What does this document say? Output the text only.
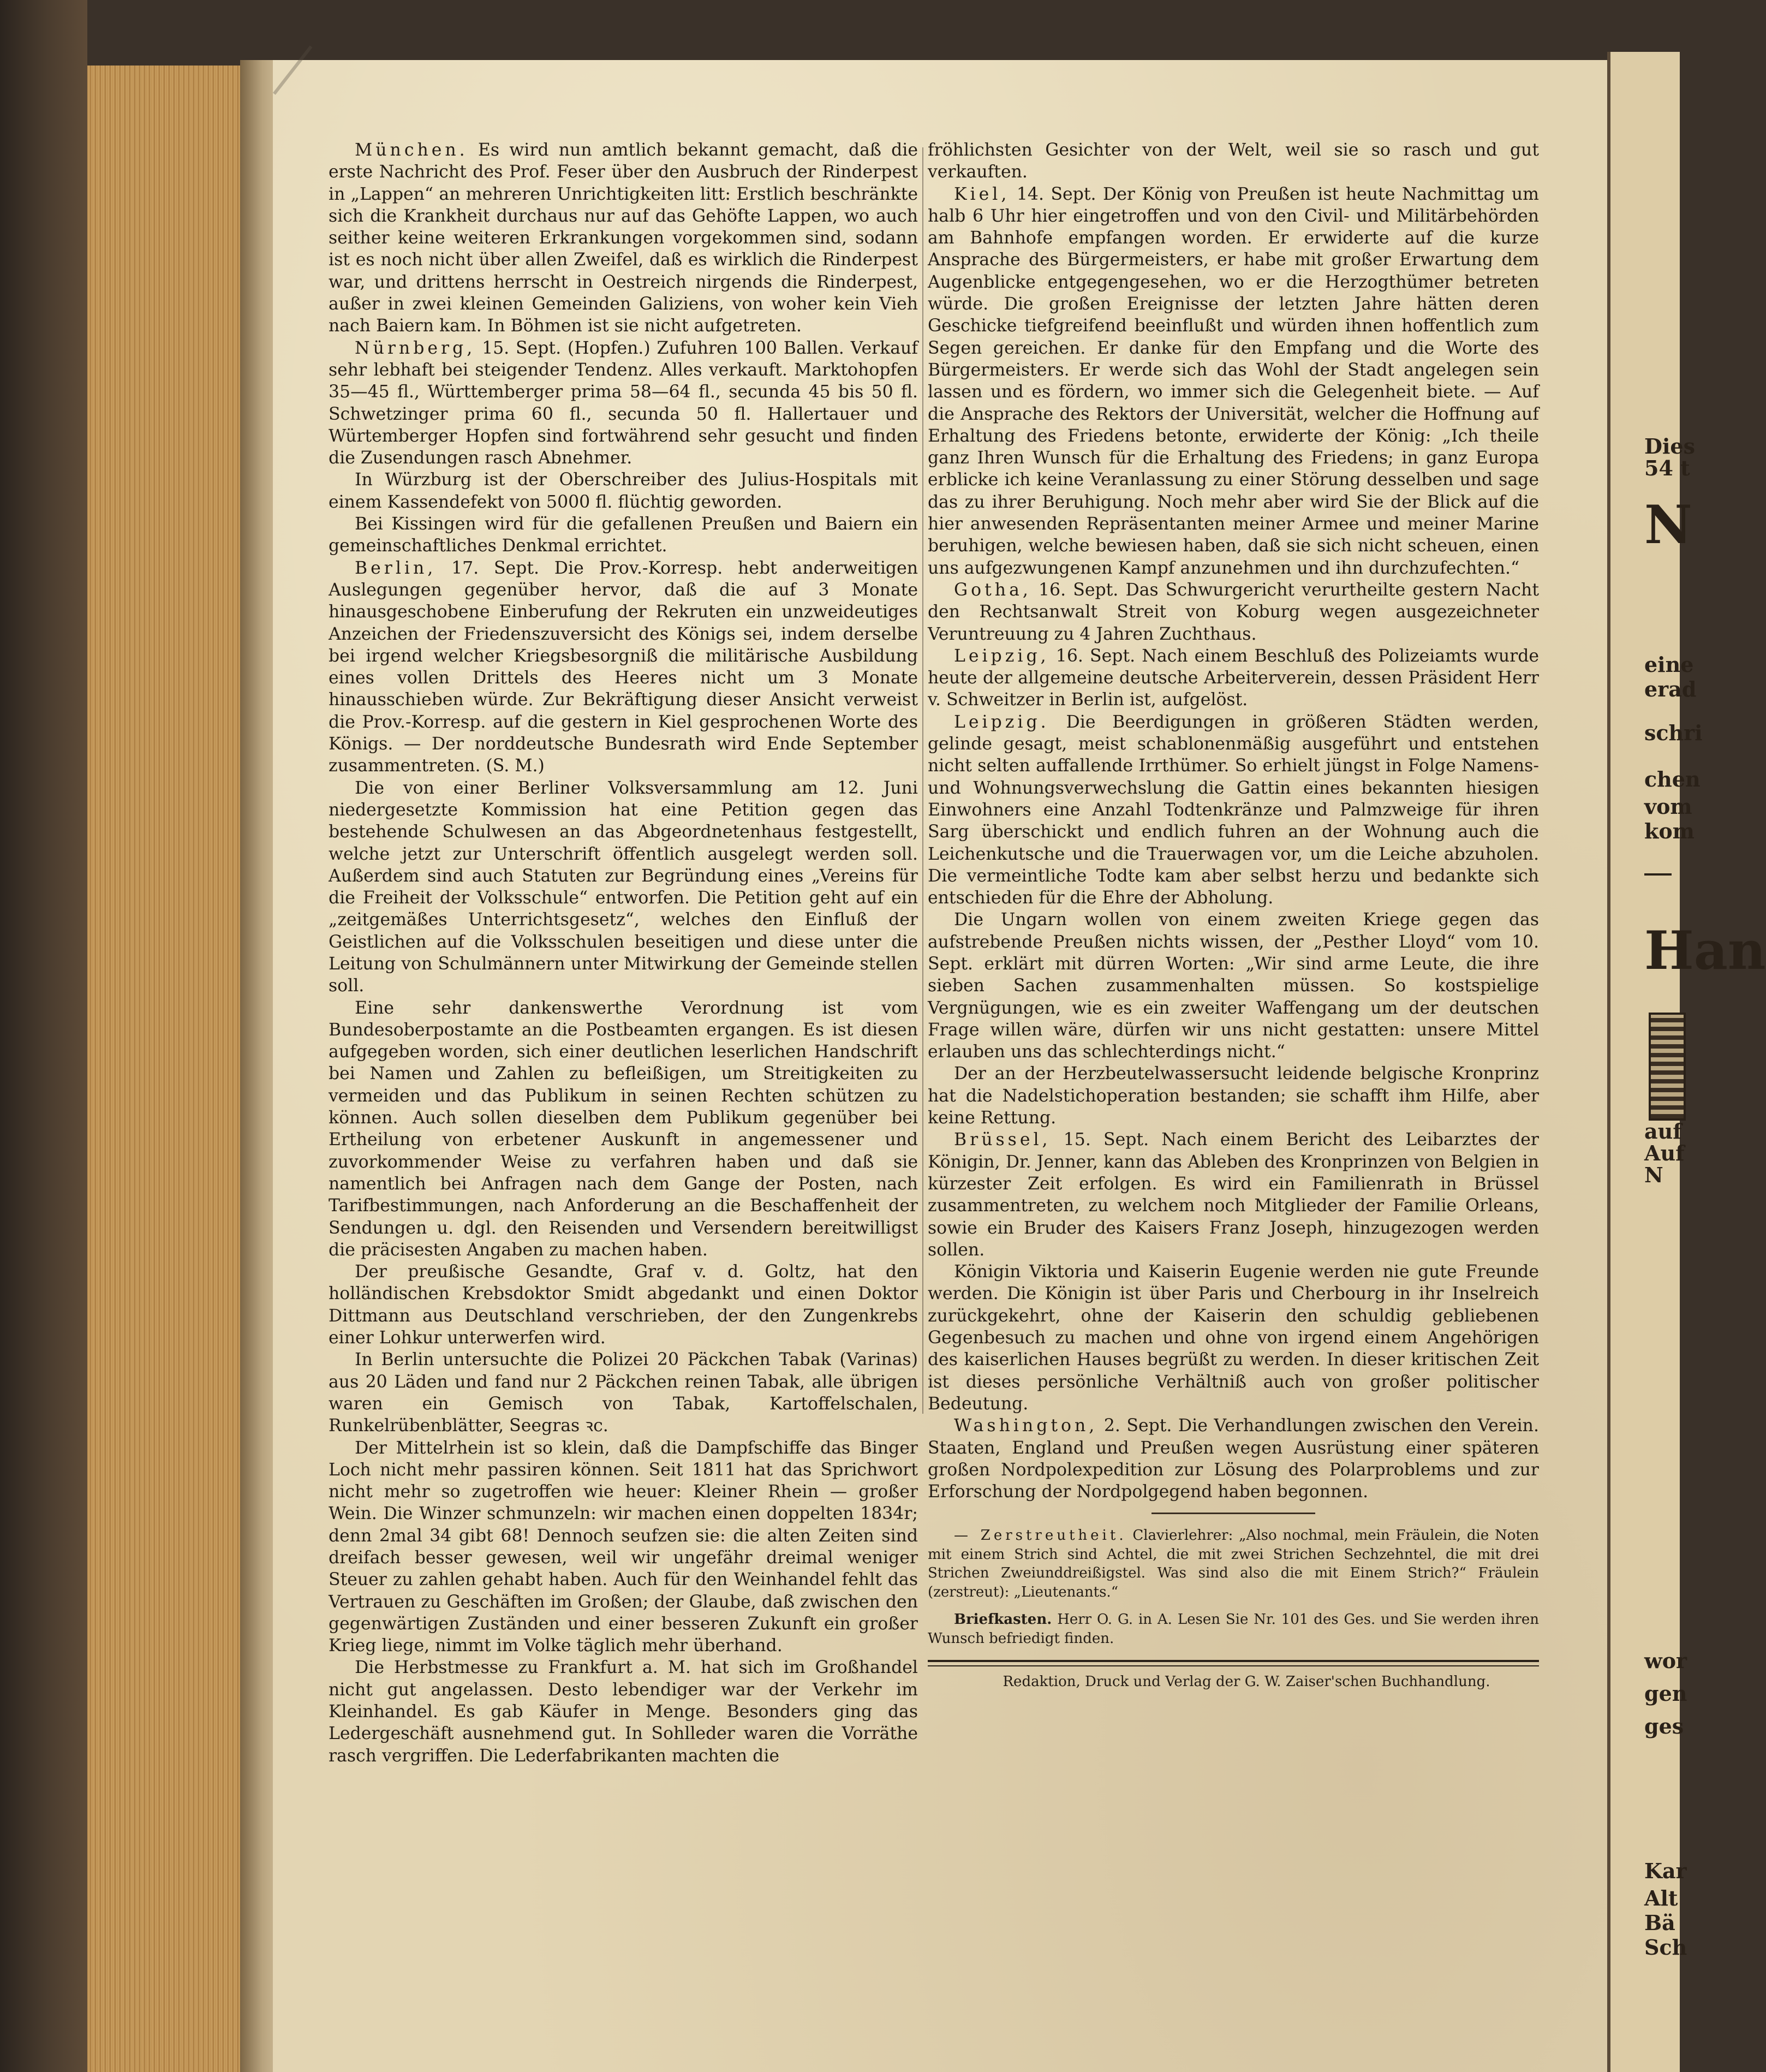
München. Es wird nun amtlich bekannt gemacht, daß die erste Nachricht des Prof. Feser über den Ausbruch der Rinderpest in „Lappen“ an mehreren Unrichtigkeiten litt: Erstlich beschränkte sich die Krankheit durchaus nur auf das Gehöfte Lappen, wo auch seither keine weiteren Erkrankungen vorgekommen sind, sodann ist es noch nicht über allen Zweifel, daß es wirklich die Rinderpest war, und drittens herrscht in Oestreich nirgends die Rinderpest, außer in zwei kleinen Gemeinden Galiziens, von woher kein Vieh nach Baiern kam. In Böhmen ist sie nicht aufgetreten.

Nürnberg, 15. Sept. (Hopfen.) Zufuhren 100 Ballen. Verkauf sehr lebhaft bei steigender Tendenz. Alles verkauft. Marktohopfen 35—45 fl., Württemberger prima 58—64 fl., secunda 45 bis 50 fl. Schwetzinger prima 60 fl., secunda 50 fl. Hallertauer und Würtemberger Hopfen sind fortwährend sehr gesucht und finden die Zusendungen rasch Abnehmer.

In Würzburg ist der Oberschreiber des Julius-Hospitals mit einem Kassendefekt von 5000 fl. flüchtig geworden.

Bei Kissingen wird für die gefallenen Preußen und Baiern ein gemeinschaftliches Denkmal errichtet.

Berlin, 17. Sept. Die Prov.-Korresp. hebt anderweitigen Auslegungen gegenüber hervor, daß die auf 3 Monate hinausgeschobene Einberufung der Rekruten ein unzweideutiges Anzeichen der Friedenszuversicht des Königs sei, indem derselbe bei irgend welcher Kriegsbesorgniß die militärische Ausbildung eines vollen Drittels des Heeres nicht um 3 Monate hinausschieben würde. Zur Bekräftigung dieser Ansicht verweist die Prov.-Korresp. auf die gestern in Kiel gesprochenen Worte des Königs. — Der norddeutsche Bundesrath wird Ende September zusammentreten. (S. M.)

Die von einer Berliner Volksversammlung am 12. Juni niedergesetzte Kommission hat eine Petition gegen das bestehende Schulwesen an das Abgeordnetenhaus festgestellt, welche jetzt zur Unterschrift öffentlich ausgelegt werden soll. Außerdem sind auch Statuten zur Begründung eines „Vereins für die Freiheit der Volksschule“ entworfen. Die Petition geht auf ein „zeitgemäßes Unterrichtsgesetz“, welches den Einfluß der Geistlichen auf die Volksschulen beseitigen und diese unter die Leitung von Schulmännern unter Mitwirkung der Gemeinde stellen soll.

Eine sehr dankenswerthe Verordnung ist vom Bundesoberpostamte an die Postbeamten ergangen. Es ist diesen aufgegeben worden, sich einer deutlichen leserlichen Handschrift bei Namen und Zahlen zu befleißigen, um Streitigkeiten zu vermeiden und das Publikum in seinen Rechten schützen zu können. Auch sollen dieselben dem Publikum gegenüber bei Ertheilung von erbetener Auskunft in angemessener und zuvorkommender Weise zu verfahren haben und daß sie namentlich bei Anfragen nach dem Gange der Posten, nach Tarifbestimmungen, nach Anforderung an die Beschaffenheit der Sendungen u. dgl. den Reisenden und Versendern bereitwilligst die präcisesten Angaben zu machen haben.

Der preußische Gesandte, Graf v. d. Goltz, hat den holländischen Krebsdoktor Smidt abgedankt und einen Doktor Dittmann aus Deutschland verschrieben, der den Zungenkrebs einer Lohkur unterwerfen wird.

In Berlin untersuchte die Polizei 20 Päckchen Tabak (Varinas) aus 20 Läden und fand nur 2 Päckchen reinen Tabak, alle übrigen waren ein Gemisch von Tabak, Kartoffelschalen, Runkelrübenblätter, Seegras ꝛc.

Der Mittelrhein ist so klein, daß die Dampfschiffe das Binger Loch nicht mehr passiren können. Seit 1811 hat das Sprichwort nicht mehr so zugetroffen wie heuer: Kleiner Rhein — großer Wein. Die Winzer schmunzeln: wir machen einen doppelten 1834r; denn 2mal 34 gibt 68! Dennoch seufzen sie: die alten Zeiten sind dreifach besser gewesen, weil wir ungefähr dreimal weniger Steuer zu zahlen gehabt haben. Auch für den Weinhandel fehlt das Vertrauen zu Geschäften im Großen; der Glaube, daß zwischen den gegenwärtigen Zuständen und einer besseren Zukunft ein großer Krieg liege, nimmt im Volke täglich mehr überhand.

Die Herbstmesse zu Frankfurt a. M. hat sich im Großhandel nicht gut angelassen. Desto lebendiger war der Verkehr im Kleinhandel. Es gab Käufer in Menge. Besonders ging das Ledergeschäft ausnehmend gut. In Sohlleder waren die Vorräthe rasch vergriffen. Die Lederfabrikanten machten die

fröhlichsten Gesichter von der Welt, weil sie so rasch und gut verkauften.

Kiel, 14. Sept. Der König von Preußen ist heute Nachmittag um halb 6 Uhr hier eingetroffen und von den Civil- und Militärbehörden am Bahnhofe empfangen worden. Er erwiderte auf die kurze Ansprache des Bürgermeisters, er habe mit großer Erwartung dem Augenblicke entgegengesehen, wo er die Herzogthümer betreten würde. Die großen Ereignisse der letzten Jahre hätten deren Geschicke tiefgreifend beeinflußt und würden ihnen hoffentlich zum Segen gereichen. Er danke für den Empfang und die Worte des Bürgermeisters. Er werde sich das Wohl der Stadt angelegen sein lassen und es fördern, wo immer sich die Gelegenheit biete. — Auf die Ansprache des Rektors der Universität, welcher die Hoffnung auf Erhaltung des Friedens betonte, erwiderte der König: „Ich theile ganz Ihren Wunsch für die Erhaltung des Friedens; in ganz Europa erblicke ich keine Veranlassung zu einer Störung desselben und sage das zu ihrer Beruhigung. Noch mehr aber wird Sie der Blick auf die hier anwesenden Repräsentanten meiner Armee und meiner Marine beruhigen, welche bewiesen haben, daß sie sich nicht scheuen, einen uns aufgezwungenen Kampf anzunehmen und ihn durchzufechten.“

Gotha, 16. Sept. Das Schwurgericht verurtheilte gestern Nacht den Rechtsanwalt Streit von Koburg wegen ausgezeichneter Veruntreuung zu 4 Jahren Zuchthaus.

Leipzig, 16. Sept. Nach einem Beschluß des Polizeiamts wurde heute der allgemeine deutsche Arbeiterverein, dessen Präsident Herr v. Schweitzer in Berlin ist, aufgelöst.

Leipzig. Die Beerdigungen in größeren Städten werden, gelinde gesagt, meist schablonenmäßig ausgeführt und entstehen nicht selten auffallende Irrthümer. So erhielt jüngst in Folge Namens- und Wohnungsverwechslung die Gattin eines bekannten hiesigen Einwohners eine Anzahl Todtenkränze und Palmzweige für ihren Sarg überschickt und endlich fuhren an der Wohnung auch die Leichenkutsche und die Trauerwagen vor, um die Leiche abzuholen. Die vermeintliche Todte kam aber selbst herzu und bedankte sich entschieden für die Ehre der Abholung.

Die Ungarn wollen von einem zweiten Kriege gegen das aufstrebende Preußen nichts wissen, der „Pesther Lloyd“ vom 10. Sept. erklärt mit dürren Worten: „Wir sind arme Leute, die ihre sieben Sachen zusammenhalten müssen. So kostspielige Vergnügungen, wie es ein zweiter Waffengang um der deutschen Frage willen wäre, dürfen wir uns nicht gestatten: unsere Mittel erlauben uns das schlechterdings nicht.“

Der an der Herzbeutelwassersucht leidende belgische Kronprinz hat die Nadelstichoperation bestanden; sie schafft ihm Hilfe, aber keine Rettung.

Brüssel, 15. Sept. Nach einem Bericht des Leibarztes der Königin, Dr. Jenner, kann das Ableben des Kronprinzen von Belgien in kürzester Zeit erfolgen. Es wird ein Familienrath in Brüssel zusammentreten, zu welchem noch Mitglieder der Familie Orleans, sowie ein Bruder des Kaisers Franz Joseph, hinzugezogen werden sollen.

Königin Viktoria und Kaiserin Eugenie werden nie gute Freunde werden. Die Königin ist über Paris und Cherbourg in ihr Inselreich zurückgekehrt, ohne der Kaiserin den schuldig gebliebenen Gegenbesuch zu machen und ohne von irgend einem Angehörigen des kaiserlichen Hauses begrüßt zu werden. In dieser kritischen Zeit ist dieses persönliche Verhältniß auch von großer politischer Bedeutung.

Washington, 2. Sept. Die Verhandlungen zwischen den Verein. Staaten, England und Preußen wegen Ausrüstung einer späteren großen Nordpolexpedition zur Lösung des Polarproblems und zur Erforschung der Nordpolgegend haben begonnen.

— Zerstreutheit. Clavierlehrer: „Also nochmal, mein Fräulein, die Noten mit einem Strich sind Achtel, die mit zwei Strichen Sechzehntel, die mit drei Strichen Zweiunddreißigstel. Was sind also die mit Einem Strich?“ Fräulein (zerstreut): „Lieutenants.“

Briefkasten. Herr O. G. in A. Lesen Sie Nr. 101 des Ges. und Sie werden ihren Wunsch befriedigt finden.

Redaktion, Druck und Verlag der G. W. Zaiser'schen Buchhandlung.

Dies
54 t
N
eine
erad
schri
chen
vom
kom
Han
auf
Auf
N
wor
gen
ges
Kar
Alt
Bä
Sch
